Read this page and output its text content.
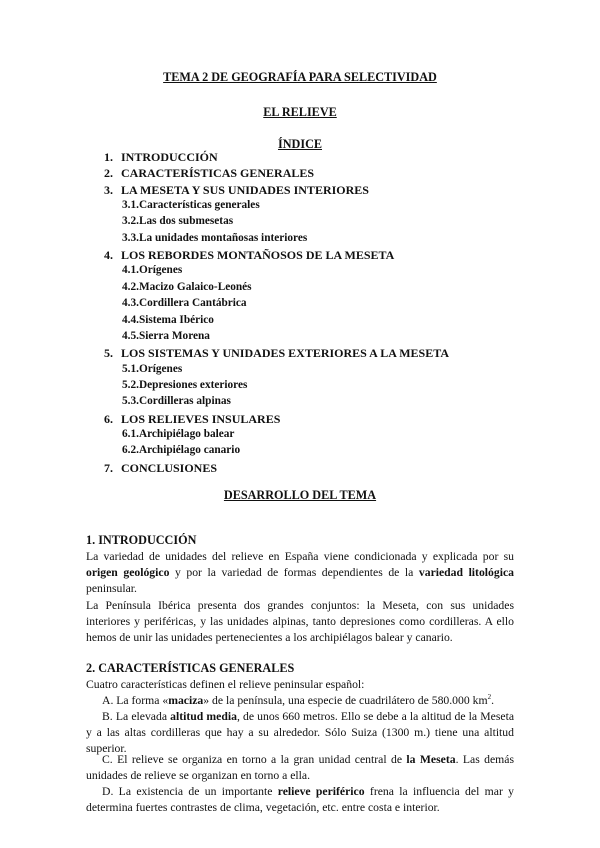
TEMA 2 DE GEOGRAFÍA PARA SELECTIVIDAD
EL RELIEVE
ÍNDICE
1. INTRODUCCIÓN
2. CARACTERÍSTICAS GENERALES
3. LA MESETA Y SUS UNIDADES INTERIORES
3.1.Características generales
3.2.Las dos submesetas
3.3.La unidades montañosas interiores
4. LOS REBORDES MONTAÑOSOS DE LA MESETA
4.1.Orígenes
4.2.Macizo Galaico-Leonés
4.3.Cordillera Cantábrica
4.4.Sistema Ibérico
4.5.Sierra Morena
5. LOS SISTEMAS Y UNIDADES EXTERIORES A LA MESETA
5.1.Orígenes
5.2.Depresiones exteriores
5.3.Cordilleras alpinas
6. LOS RELIEVES INSULARES
6.1.Archipiélago balear
6.2.Archipiélago canario
7. CONCLUSIONES
DESARROLLO DEL TEMA
1. INTRODUCCIÓN
La variedad de unidades del relieve en España viene condicionada y explicada por su origen geológico y por la variedad de formas dependientes de la variedad litológica peninsular.
La Península Ibérica presenta dos grandes conjuntos: la Meseta, con sus unidades interiores y periféricas, y las unidades alpinas, tanto depresiones como cordilleras. A ello hemos de unir las unidades pertenecientes a los archipiélagos balear y canario.
2. CARACTERÍSTICAS GENERALES
Cuatro características definen el relieve peninsular español:
A. La forma «maciza» de la península, una especie de cuadrilátero de 580.000 $km^2$.
B. La elevada altitud media, de unos 660 metros. Ello se debe a la altitud de la Meseta y a las altas cordilleras que hay a su alrededor. Sólo Suiza (1300 m.) tiene una altitud superior.
C. El relieve se organiza en torno a la gran unidad central de la Meseta. Las demás unidades de relieve se organizan en torno a ella.
D. La existencia de un importante relieve periférico frena la influencia del mar y determina fuertes contrastes de clima, vegetación, etc. entre costa e interior.
